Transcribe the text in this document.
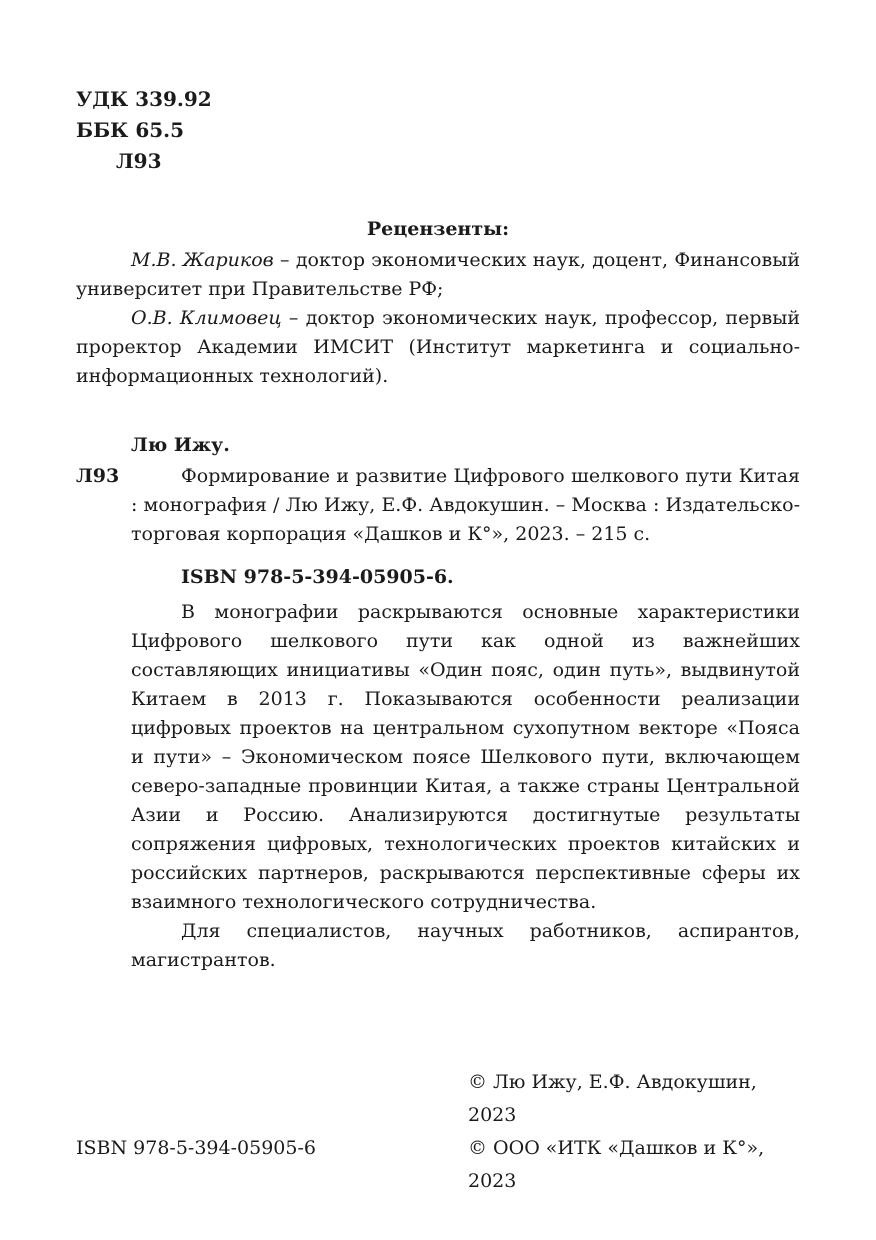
УДК 339.92
ББК 65.5
Л93
Рецензенты:

М.В. Жариков – доктор экономических наук, доцент, Финансовый университет при Правительстве РФ;

О.В. Климовец – доктор экономических наук, профессор, первый проректор Академии ИМСИТ (Институт маркетинга и социально-информационных технологий).

Лю Ижу.

Л93	Формирование и развитие Цифрового шелкового пути Китая : монография / Лю Ижу, Е.Ф. Авдокушин. – Москва : Издательско-торговая корпорация «Дашков и К°», 2023. – 215 с.

ISBN 978-5-394-05905-6.

В монографии раскрываются основные характеристики Цифрового шелкового пути как одной из важнейших составляющих инициативы «Один пояс, один путь», выдвинутой Китаем в 2013 г. Показываются особенности реализации цифровых проектов на центральном сухопутном векторе «Пояса и пути» – Экономическом поясе Шелкового пути, включающем северо-западные провинции Китая, а также страны Центральной Азии и Россию. Анализируются достигнутые результаты сопряжения цифровых, технологических проектов китайских и российских партнеров, раскрываются перспективные сферы их взаимного технологического сотрудничества.

Для специалистов, научных работников, аспирантов, магистрантов.

© Лю Ижу, Е.Ф. Авдокушин, 2023
ISBN 978-5-394-05905-6	© ООО «ИТК «Дашков и К°», 2023
